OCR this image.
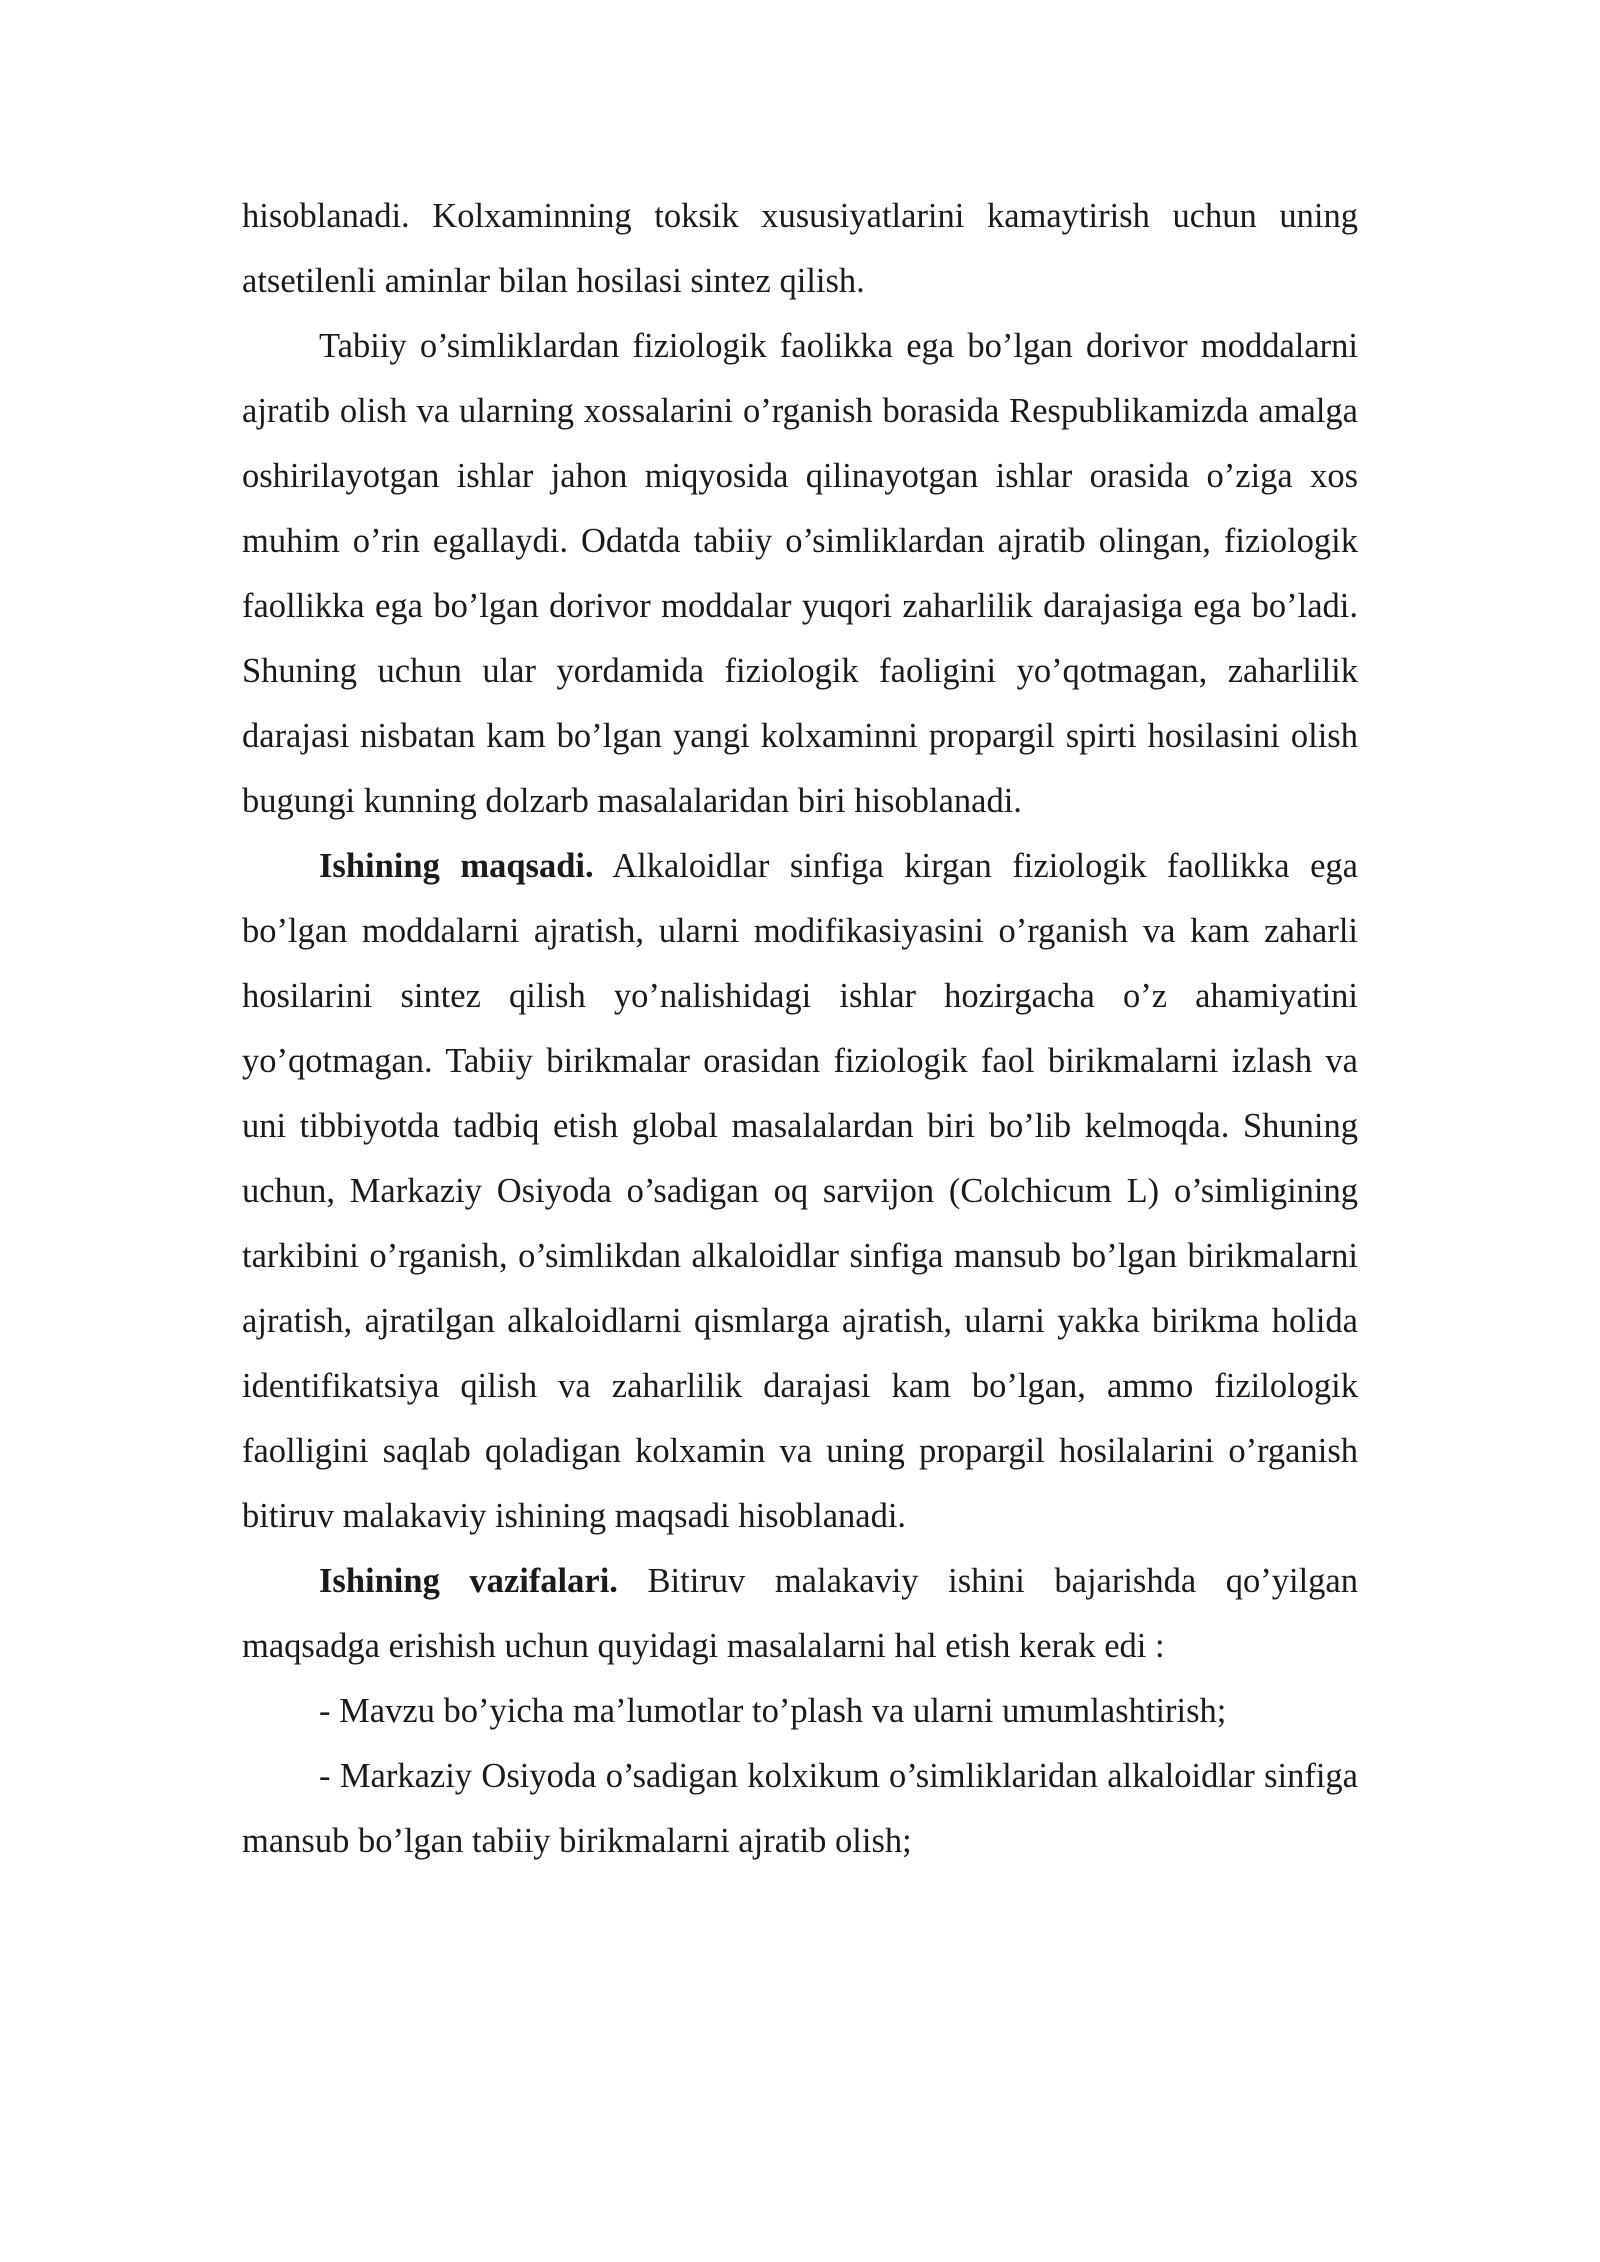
hisoblanadi. Kolxaminning toksik xususiyatlarini kamaytirish uchun uning atsetilenli aminlar bilan hosilasi sintez qilish.

Tabiiy o’simliklardan fiziologik faolikka ega bo’lgan dorivor moddalarni ajratib olish va ularning xossalarini o’rganish borasida Respublikamizda amalga oshirilayotgan ishlar jahon miqyosida qilinayotgan ishlar orasida o’ziga xos muhim o’rin egallaydi. Odatda tabiiy o’simliklardan ajratib olingan, fiziologik faollikka ega bo’lgan dorivor moddalar yuqori zaharlilik darajasiga ega bo’ladi. Shuning uchun ular yordamida fiziologik faoligini yo’qotmagan, zaharlilik darajasi nisbatan kam bo’lgan yangi kolxaminni propargil spirti hosilasini olish bugungi kunning dolzarb masalalaridan biri hisoblanadi.

Ishining maqsadi. Alkaloidlar sinfiga kirgan fiziologik faollikka ega bo’lgan moddalarni ajratish, ularni modifikasiyasini o’rganish va kam zaharli hosilarini sintez qilish yo’nalishidagi ishlar hozirgacha o’z ahamiyatini yo’qotmagan. Tabiiy birikmalar orasidan fiziologik faol birikmalarni izlash va uni tibbiyotda tadbiq etish global masalalardan biri bo’lib kelmoqda. Shuning uchun, Markaziy Osiyoda o’sadigan oq sarvijon (Colchicum L) o’simligining tarkibini o’rganish, o’simlikdan alkaloidlar sinfiga mansub bo’lgan birikmalarni ajratish, ajratilgan alkaloidlarni qismlarga ajratish, ularni yakka birikma holida identifikatsiya qilish va zaharlilik darajasi kam bo’lgan, ammo fizilologik faolligini saqlab qoladigan kolxamin va uning propargil hosilalarini o’rganish bitiruv malakaviy ishining maqsadi hisoblanadi.

Ishining vazifalari. Bitiruv malakaviy ishini bajarishda qo’yilgan maqsadga erishish uchun quyidagi masalalarni hal etish kerak edi :

- Mavzu bo’yicha ma’lumotlar to’plash va ularni umumlashtirish;

- Markaziy Osiyoda o’sadigan kolxikum o’simliklaridan alkaloidlar sinfiga mansub bo’lgan tabiiy birikmalarni ajratib olish;
